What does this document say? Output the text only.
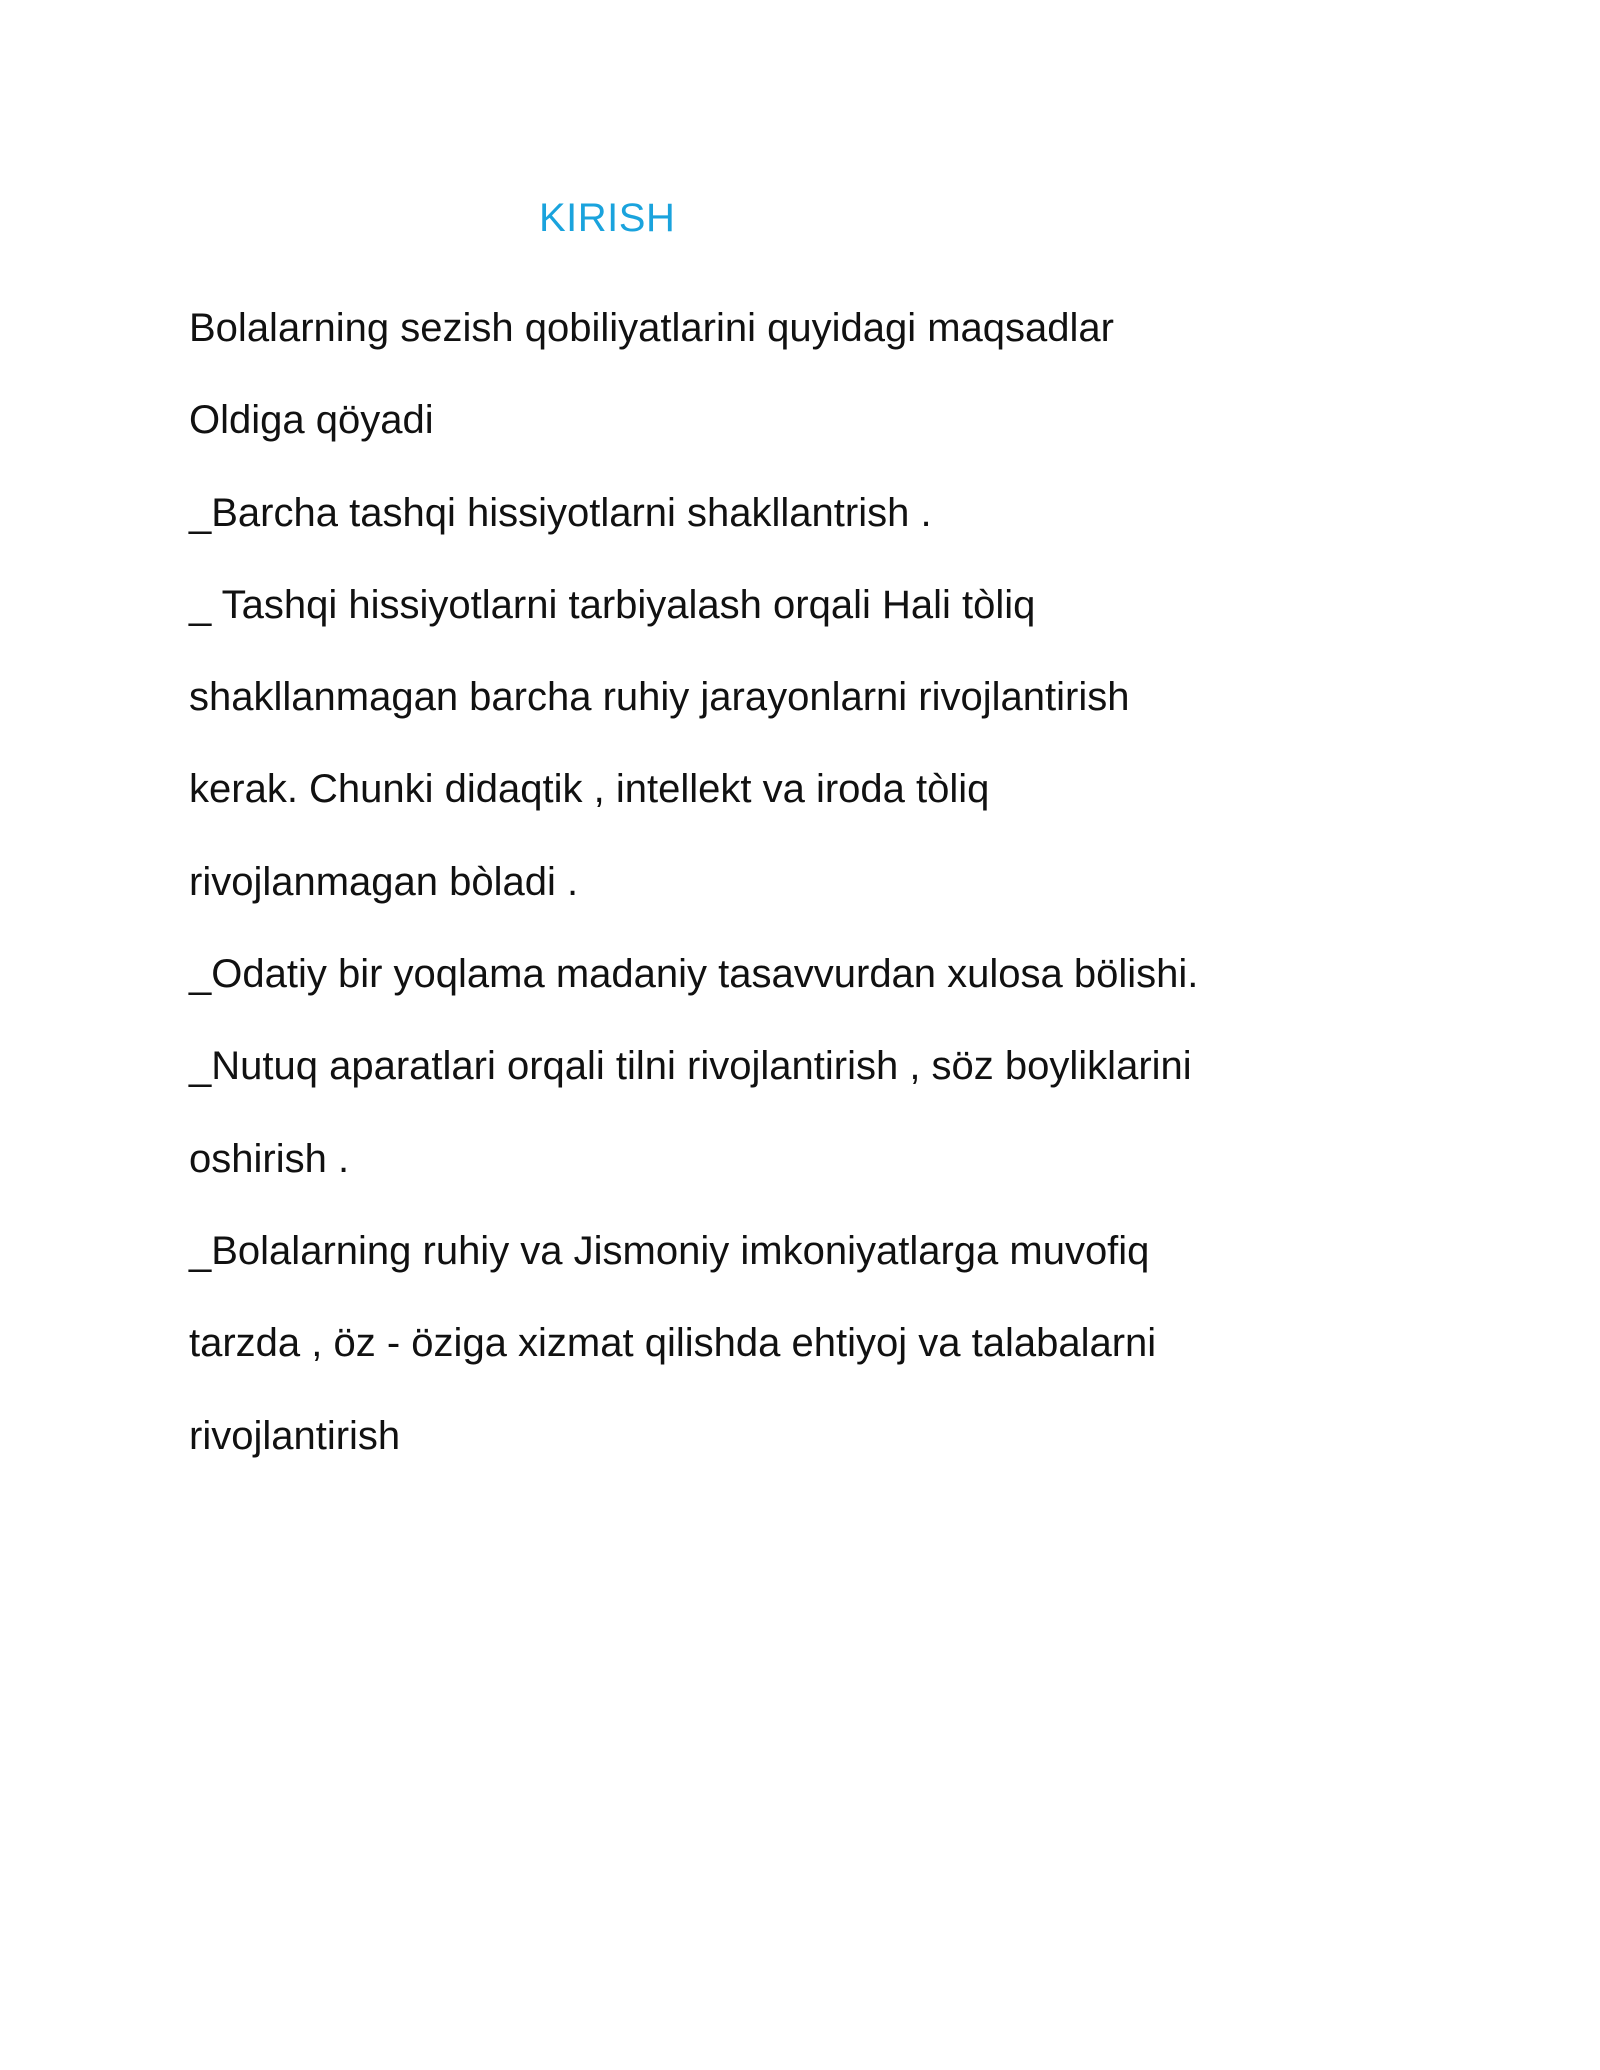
KIRISH
Bolalarning sezish qobiliyatlarini quyidagi maqsadlar
Oldiga qöyadi
_Barcha tashqi hissiyotlarni shakllantrish .
_ Tashqi hissiyotlarni tarbiyalash orqali Hali tòliq
shakllanmagan barcha ruhiy jarayonlarni rivojlantirish
kerak. Chunki didaqtik , intellekt va iroda tòliq
rivojlanmagan bòladi .
_Odatiy bir yoqlama madaniy tasavvurdan xulosa bölishi.
_Nutuq aparatlari orqali tilni rivojlantirish , söz boyliklarini
oshirish .
_Bolalarning ruhiy va Jismoniy imkoniyatlarga muvofiq
tarzda , öz - öziga xizmat qilishda ehtiyoj va talabalarni
rivojlantirish
